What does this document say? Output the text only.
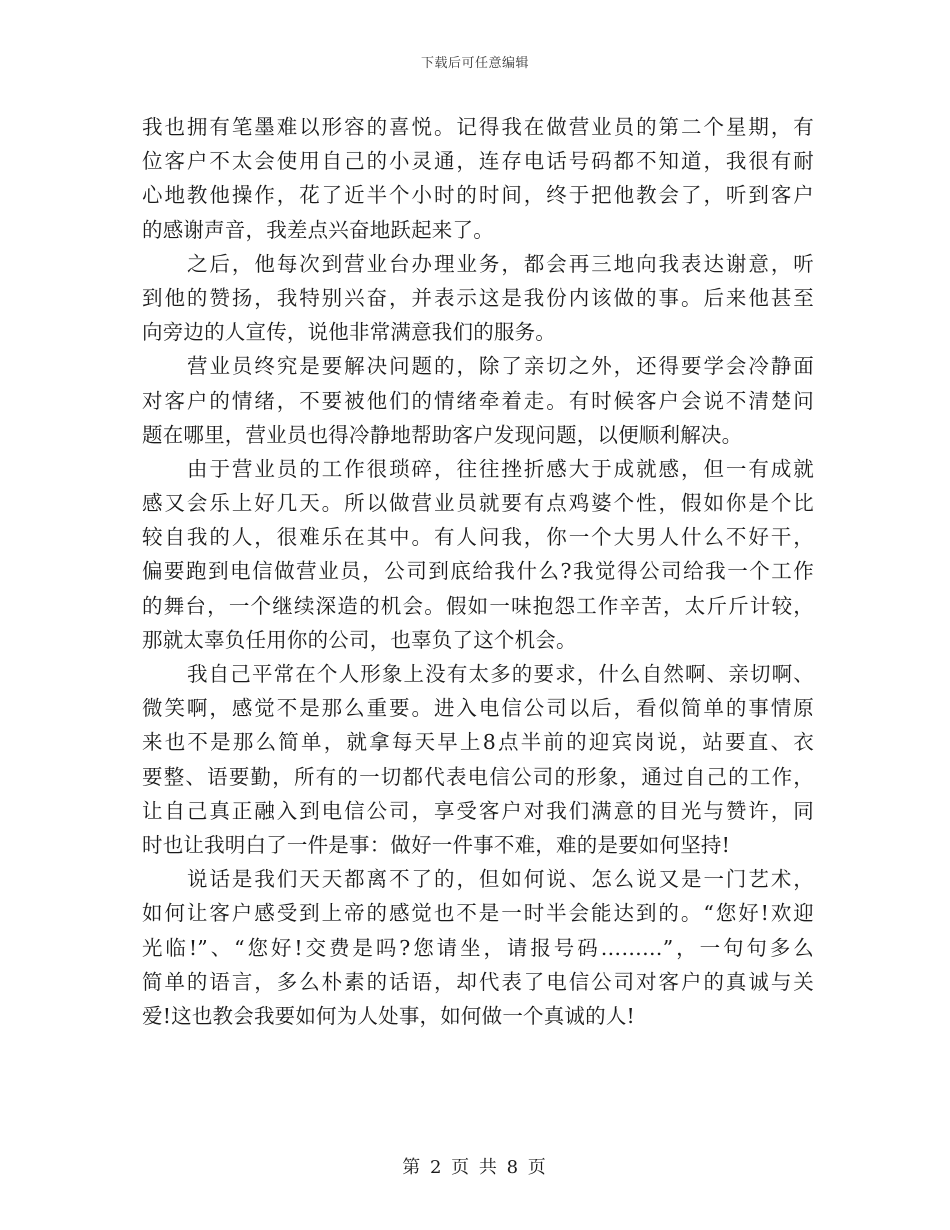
下载后可任意编辑
我也拥有笔墨难以形容的喜悦。记得我在做营业员的第二个星期，有
位客户不太会使用自己的小灵通，连存电话号码都不知道，我很有耐
心地教他操作，花了近半个小时的时间，终于把他教会了，听到客户
的感谢声音，我差点兴奋地跃起来了。
之后，他每次到营业台办理业务，都会再三地向我表达谢意，听
到他的赞扬，我特别兴奋，并表示这是我份内该做的事。后来他甚至
向旁边的人宣传，说他非常满意我们的服务。
营业员终究是要解决问题的，除了亲切之外，还得要学会冷静面
对客户的情绪，不要被他们的情绪牵着走。有时候客户会说不清楚问
题在哪里，营业员也得冷静地帮助客户发现问题，以便顺利解决。
由于营业员的工作很琐碎，往往挫折感大于成就感，但一有成就
感又会乐上好几天。所以做营业员就要有点鸡婆个性，假如你是个比
较自我的人，很难乐在其中。有人问我，你一个大男人什么不好干，
偏要跑到电信做营业员，公司到底给我什么?我觉得公司给我一个工作
的舞台，一个继续深造的机会。假如一味抱怨工作辛苦，太斤斤计较，
那就太辜负任用你的公司，也辜负了这个机会。
我自己平常在个人形象上没有太多的要求，什么自然啊、亲切啊、
微笑啊，感觉不是那么重要。进入电信公司以后，看似简单的事情原
来也不是那么简单，就拿每天早上8点半前的迎宾岗说，站要直、衣
要整、语要勤，所有的一切都代表电信公司的形象，通过自己的工作，
让自己真正融入到电信公司，享受客户对我们满意的目光与赞许，同
时也让我明白了一件是事：做好一件事不难，难的是要如何坚持!
说话是我们天天都离不了的，但如何说、怎么说又是一门艺术，
如何让客户感受到上帝的感觉也不是一时半会能达到的。“您好!欢迎
光临!”、“您好!交费是吗?您请坐，请报号码………”，一句句多么
简单的语言，多么朴素的话语，却代表了电信公司对客户的真诚与关
爱!这也教会我要如何为人处事，如何做一个真诚的人!
第 2 页 共 8 页
